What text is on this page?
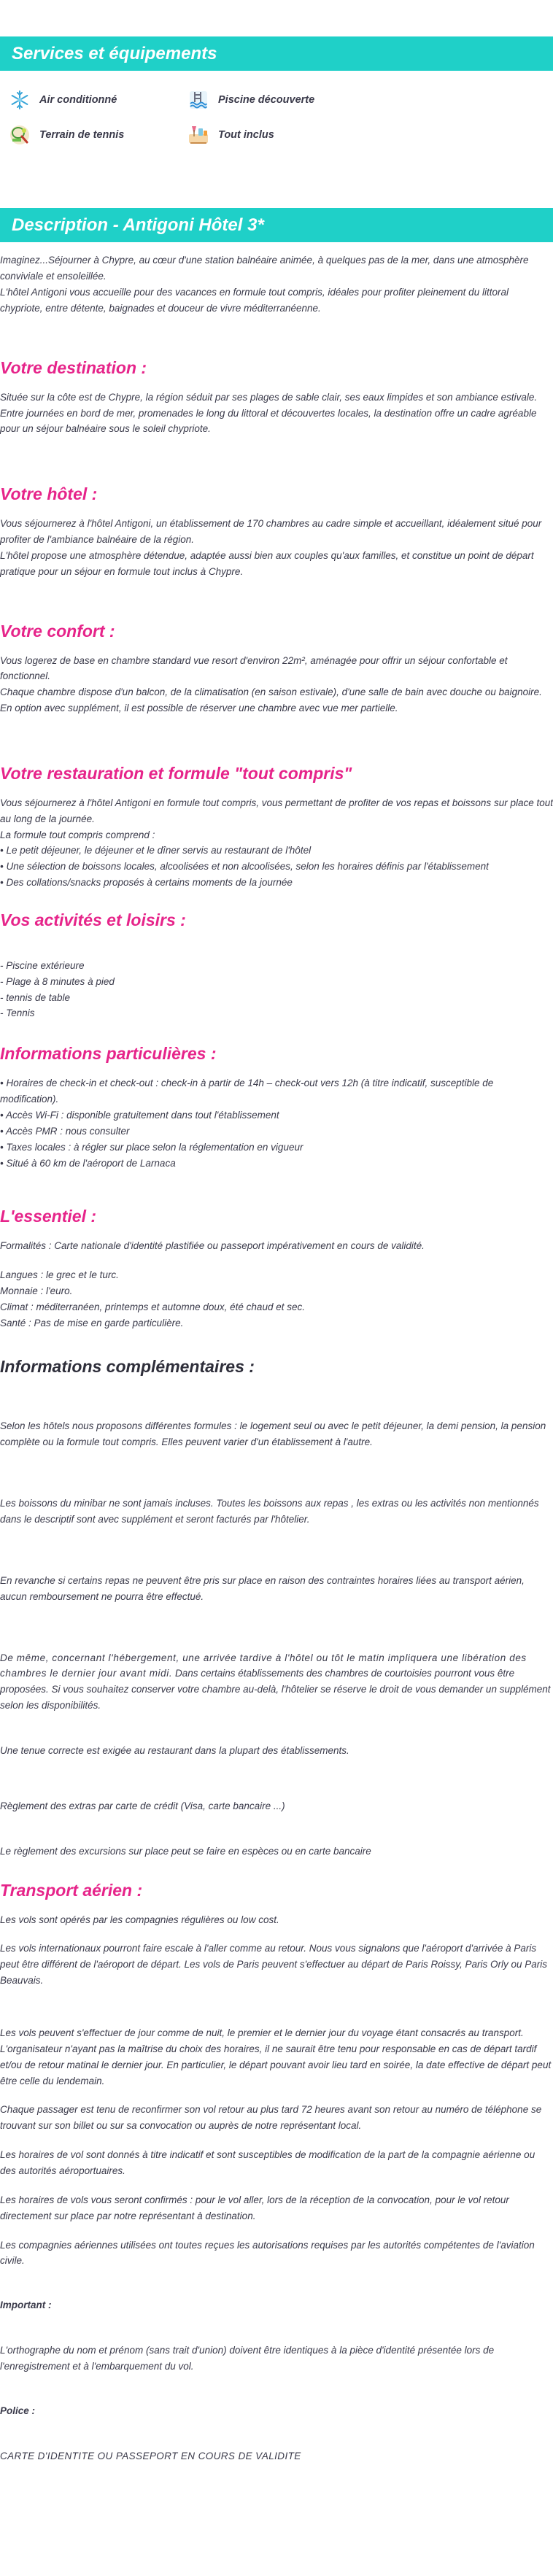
Services et équipements
Air conditionné	Piscine découverte
Terrain de tennis	Tout inclus
Description - Antigoni Hôtel 3*
Imaginez...Séjourner à Chypre, au cœur d'une station balnéaire animée, à quelques pas de la mer, dans une atmosphère conviviale et ensoleillée.
L'hôtel Antigoni vous accueille pour des vacances en formule tout compris, idéales pour profiter pleinement du littoral chypriote, entre détente, baignades et douceur de vivre méditerranéenne.
Votre destination :
Située sur la côte est de Chypre, la région séduit par ses plages de sable clair, ses eaux limpides et son ambiance estivale. Entre journées en bord de mer, promenades le long du littoral et découvertes locales, la destination offre un cadre agréable pour un séjour balnéaire sous le soleil chypriote.
Votre hôtel :
Vous séjournerez à l'hôtel Antigoni, un établissement de 170 chambres au cadre simple et accueillant, idéalement situé pour profiter de l'ambiance balnéaire de la région.
L'hôtel propose une atmosphère détendue, adaptée aussi bien aux couples qu'aux familles, et constitue un point de départ pratique pour un séjour en formule tout inclus à Chypre.
Votre confort :
Vous logerez de base en chambre standard vue resort d'environ 22m², aménagée pour offrir un séjour confortable et fonctionnel.
Chaque chambre dispose d'un balcon, de la climatisation (en saison estivale), d'une salle de bain avec douche ou baignoire.
En option avec supplément, il est possible de réserver une chambre avec vue mer partielle.
Votre restauration et formule "tout compris"
Vous séjournerez à l'hôtel Antigoni en formule tout compris, vous permettant de profiter de vos repas et boissons sur place tout au long de la journée.
La formule tout compris comprend :
• Le petit déjeuner, le déjeuner et le dîner servis au restaurant de l'hôtel
• Une sélection de boissons locales, alcoolisées et non alcoolisées, selon les horaires définis par l'établissement
• Des collations/snacks proposés à certains moments de la journée
Vos activités et loisirs :
- Piscine extérieure
- Plage à 8 minutes à pied
- tennis de table
- Tennis
Informations particulières :
• Horaires de check-in et check-out : check-in à partir de 14h – check-out vers 12h (à titre indicatif, susceptible de modification).
• Accès Wi-Fi : disponible gratuitement dans tout l'établissement
• Accès PMR : nous consulter
• Taxes locales : à régler sur place selon la réglementation en vigueur
• Situé à 60 km de l'aéroport de Larnaca
L'essentiel :
Formalités : Carte nationale d'identité plastifiée ou passeport impérativement en cours de validité.
Langues : le grec et le turc.
Monnaie : l'euro.
Climat : méditerranéen, printemps et automne doux, été chaud et sec.
Santé : Pas de mise en garde particulière.
Informations complémentaires :
Selon les hôtels nous proposons différentes formules : le logement seul ou avec le petit déjeuner, la demi pension, la pension complète ou la formule tout compris. Elles peuvent varier d'un établissement à l'autre.
Les boissons du minibar ne sont jamais incluses. Toutes les boissons aux repas , les extras ou les activités non mentionnés dans le descriptif sont avec supplément et seront facturés par l'hôtelier.
En revanche si certains repas ne peuvent être pris sur place en raison des contraintes horaires liées au transport aérien, aucun remboursement ne pourra être effectué.
De même, concernant l'hébergement, une arrivée tardive à l'hôtel ou tôt le matin impliquera une libération des chambres le dernier jour avant midi. Dans certains établissements des chambres de courtoisies pourront vous être proposées. Si vous souhaitez conserver votre chambre au-delà, l'hôtelier se réserve le droit de vous demander un supplément selon les disponibilités.
Une tenue correcte est exigée au restaurant dans la plupart des établissements.
Règlement des extras par carte de crédit (Visa, carte bancaire ...)
Le règlement des excursions sur place peut se faire en espèces ou en carte bancaire
Transport aérien :
Les vols sont opérés par les compagnies régulières ou low cost.
Les vols internationaux pourront faire escale à l'aller comme au retour. Nous vous signalons que l'aéroport d'arrivée à Paris peut être différent de l'aéroport de départ. Les vols de Paris peuvent s'effectuer au départ de Paris Roissy, Paris Orly ou Paris Beauvais.
Les vols peuvent s'effectuer de jour comme de nuit, le premier et le dernier jour du voyage étant consacrés au transport. L'organisateur n'ayant pas la maîtrise du choix des horaires, il ne saurait être tenu pour responsable en cas de départ tardif et/ou de retour matinal le dernier jour. En particulier, le départ pouvant avoir lieu tard en soirée, la date effective de départ peut être celle du lendemain.
Chaque passager est tenu de reconfirmer son vol retour au plus tard 72 heures avant son retour au numéro de téléphone se trouvant sur son billet ou sur sa convocation ou auprès de notre représentant local.
Les horaires de vol sont donnés à titre indicatif et sont susceptibles de modification de la part de la compagnie aérienne ou des autorités aéroportuaires.
Les horaires de vols vous seront confirmés : pour le vol aller, lors de la réception de la convocation, pour le vol retour directement sur place par notre représentant à destination.
Les compagnies aériennes utilisées ont toutes reçues les autorisations requises par les autorités compétentes de l'aviation civile.
Important :
L'orthographe du nom et prénom (sans trait d'union) doivent être identiques à la pièce d'identité présentée lors de l'enregistrement et à l'embarquement du vol.
Police :
CARTE D'IDENTITE OU PASSEPORT EN COURS DE VALIDITE
